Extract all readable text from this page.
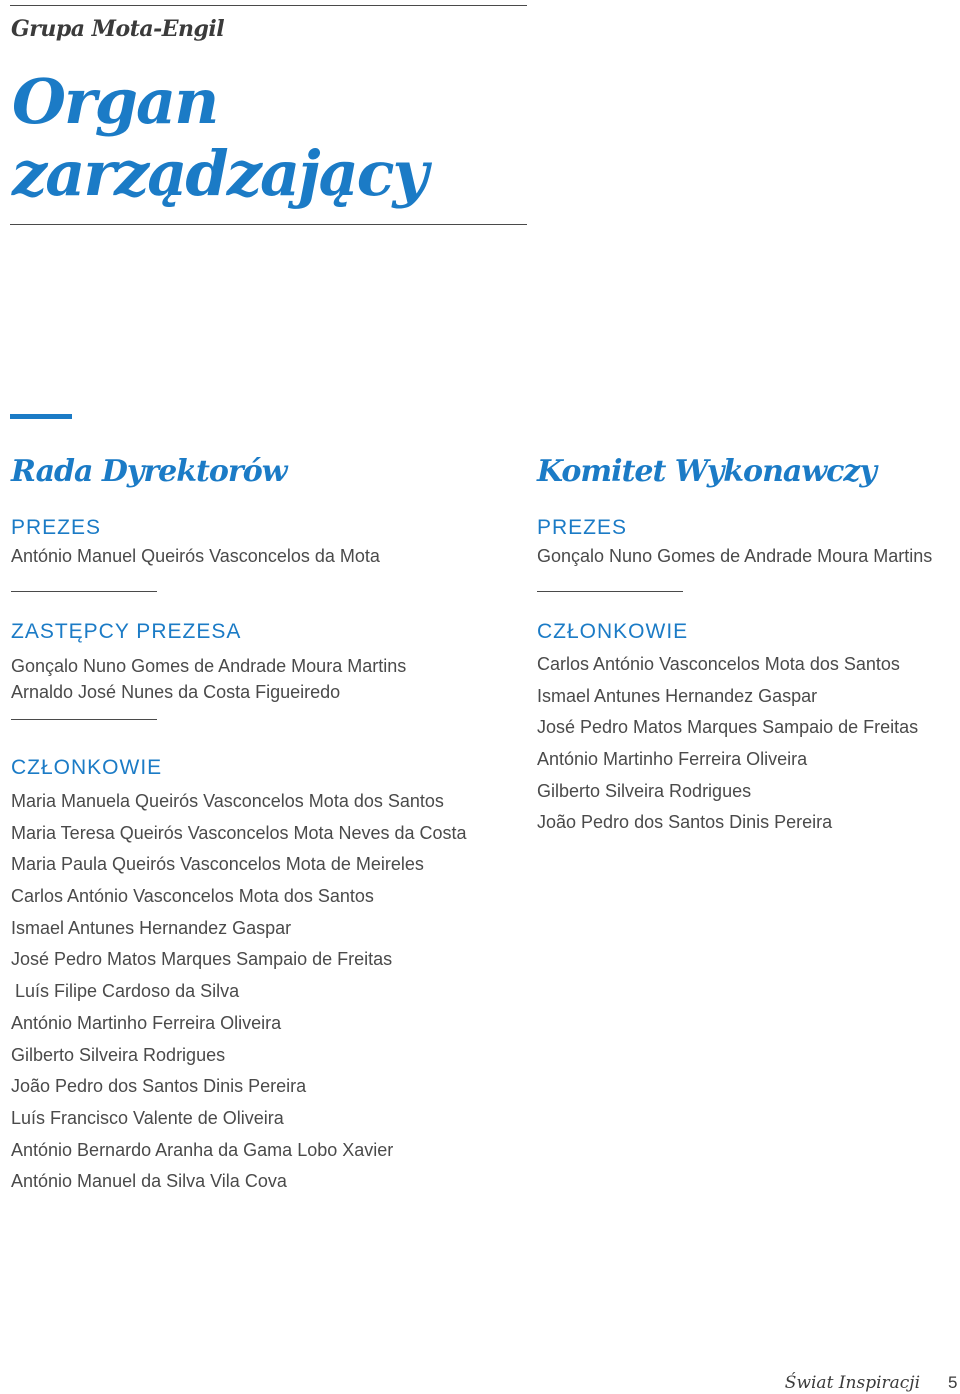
Grupa Mota-Engil
Organ
zarządzający
Rada Dyrektorów
PREZES
António Manuel Queirós Vasconcelos da Mota
ZASTĘPCY PREZESA
Gonçalo Nuno Gomes de Andrade Moura Martins
Arnaldo José Nunes da Costa Figueiredo
CZŁONKOWIE
Maria Manuela Queirós Vasconcelos Mota dos Santos
Maria Teresa Queirós Vasconcelos Mota Neves da Costa
Maria Paula Queirós Vasconcelos Mota de Meireles
Carlos António Vasconcelos Mota dos Santos
Ismael Antunes Hernandez Gaspar
José Pedro Matos Marques Sampaio de Freitas
Luís Filipe Cardoso da Silva
António Martinho Ferreira Oliveira
Gilberto Silveira Rodrigues
João Pedro dos Santos Dinis Pereira
Luís Francisco Valente de Oliveira
António Bernardo Aranha da Gama Lobo Xavier
António Manuel da Silva Vila Cova
Komitet Wykonawczy
PREZES
Gonçalo Nuno Gomes de Andrade Moura Martins
CZŁONKOWIE
Carlos António Vasconcelos Mota dos Santos
Ismael Antunes Hernandez Gaspar
José Pedro Matos Marques Sampaio de Freitas
António Martinho Ferreira Oliveira
Gilberto Silveira Rodrigues
João Pedro dos Santos Dinis Pereira
Świat Inspiracji 5
